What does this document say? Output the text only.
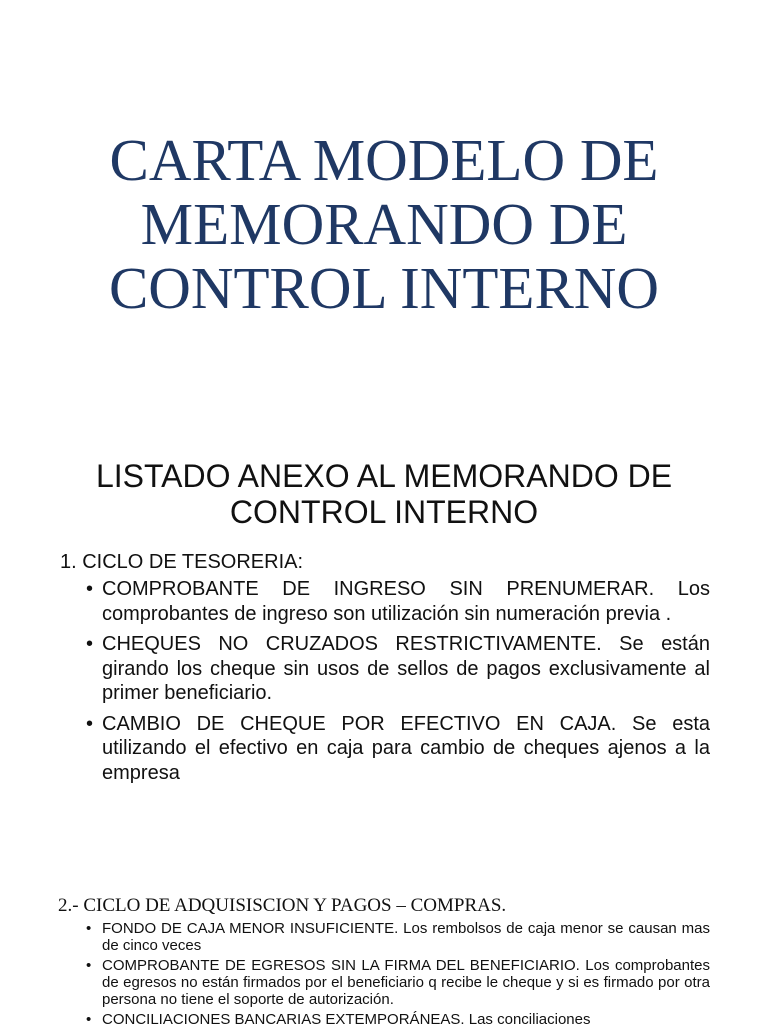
CARTA MODELO DE
MEMORANDO DE
CONTROL INTERNO
LISTADO ANEXO AL MEMORANDO DE
CONTROL INTERNO
1. CICLO DE TESORERIA:
• COMPROBANTE DE INGRESO SIN PRENUMERAR. Los comprobantes de ingreso son utilización sin numeración previa .
• CHEQUES NO CRUZADOS RESTRICTIVAMENTE. Se están girando los cheque sin usos de sellos de pagos exclusivamente al primer beneficiario.
• CAMBIO DE CHEQUE POR EFECTIVO EN CAJA. Se esta utilizando el efectivo en caja para cambio de cheques ajenos a la empresa
2.- CICLO DE ADQUISISCION Y PAGOS – COMPRAS.
• FONDO DE CAJA MENOR INSUFICIENTE. Los rembolsos de caja menor se causan mas de cinco veces
• COMPROBANTE DE EGRESOS SIN LA FIRMA DEL BENEFICIARIO. Los comprobantes de egresos no están firmados por el beneficiario q recibe le cheque y si es firmado por otra persona no tiene el soporte de autorización.
• CONCILIACIONES BANCARIAS EXTEMPORÁNEAS. Las conciliaciones
